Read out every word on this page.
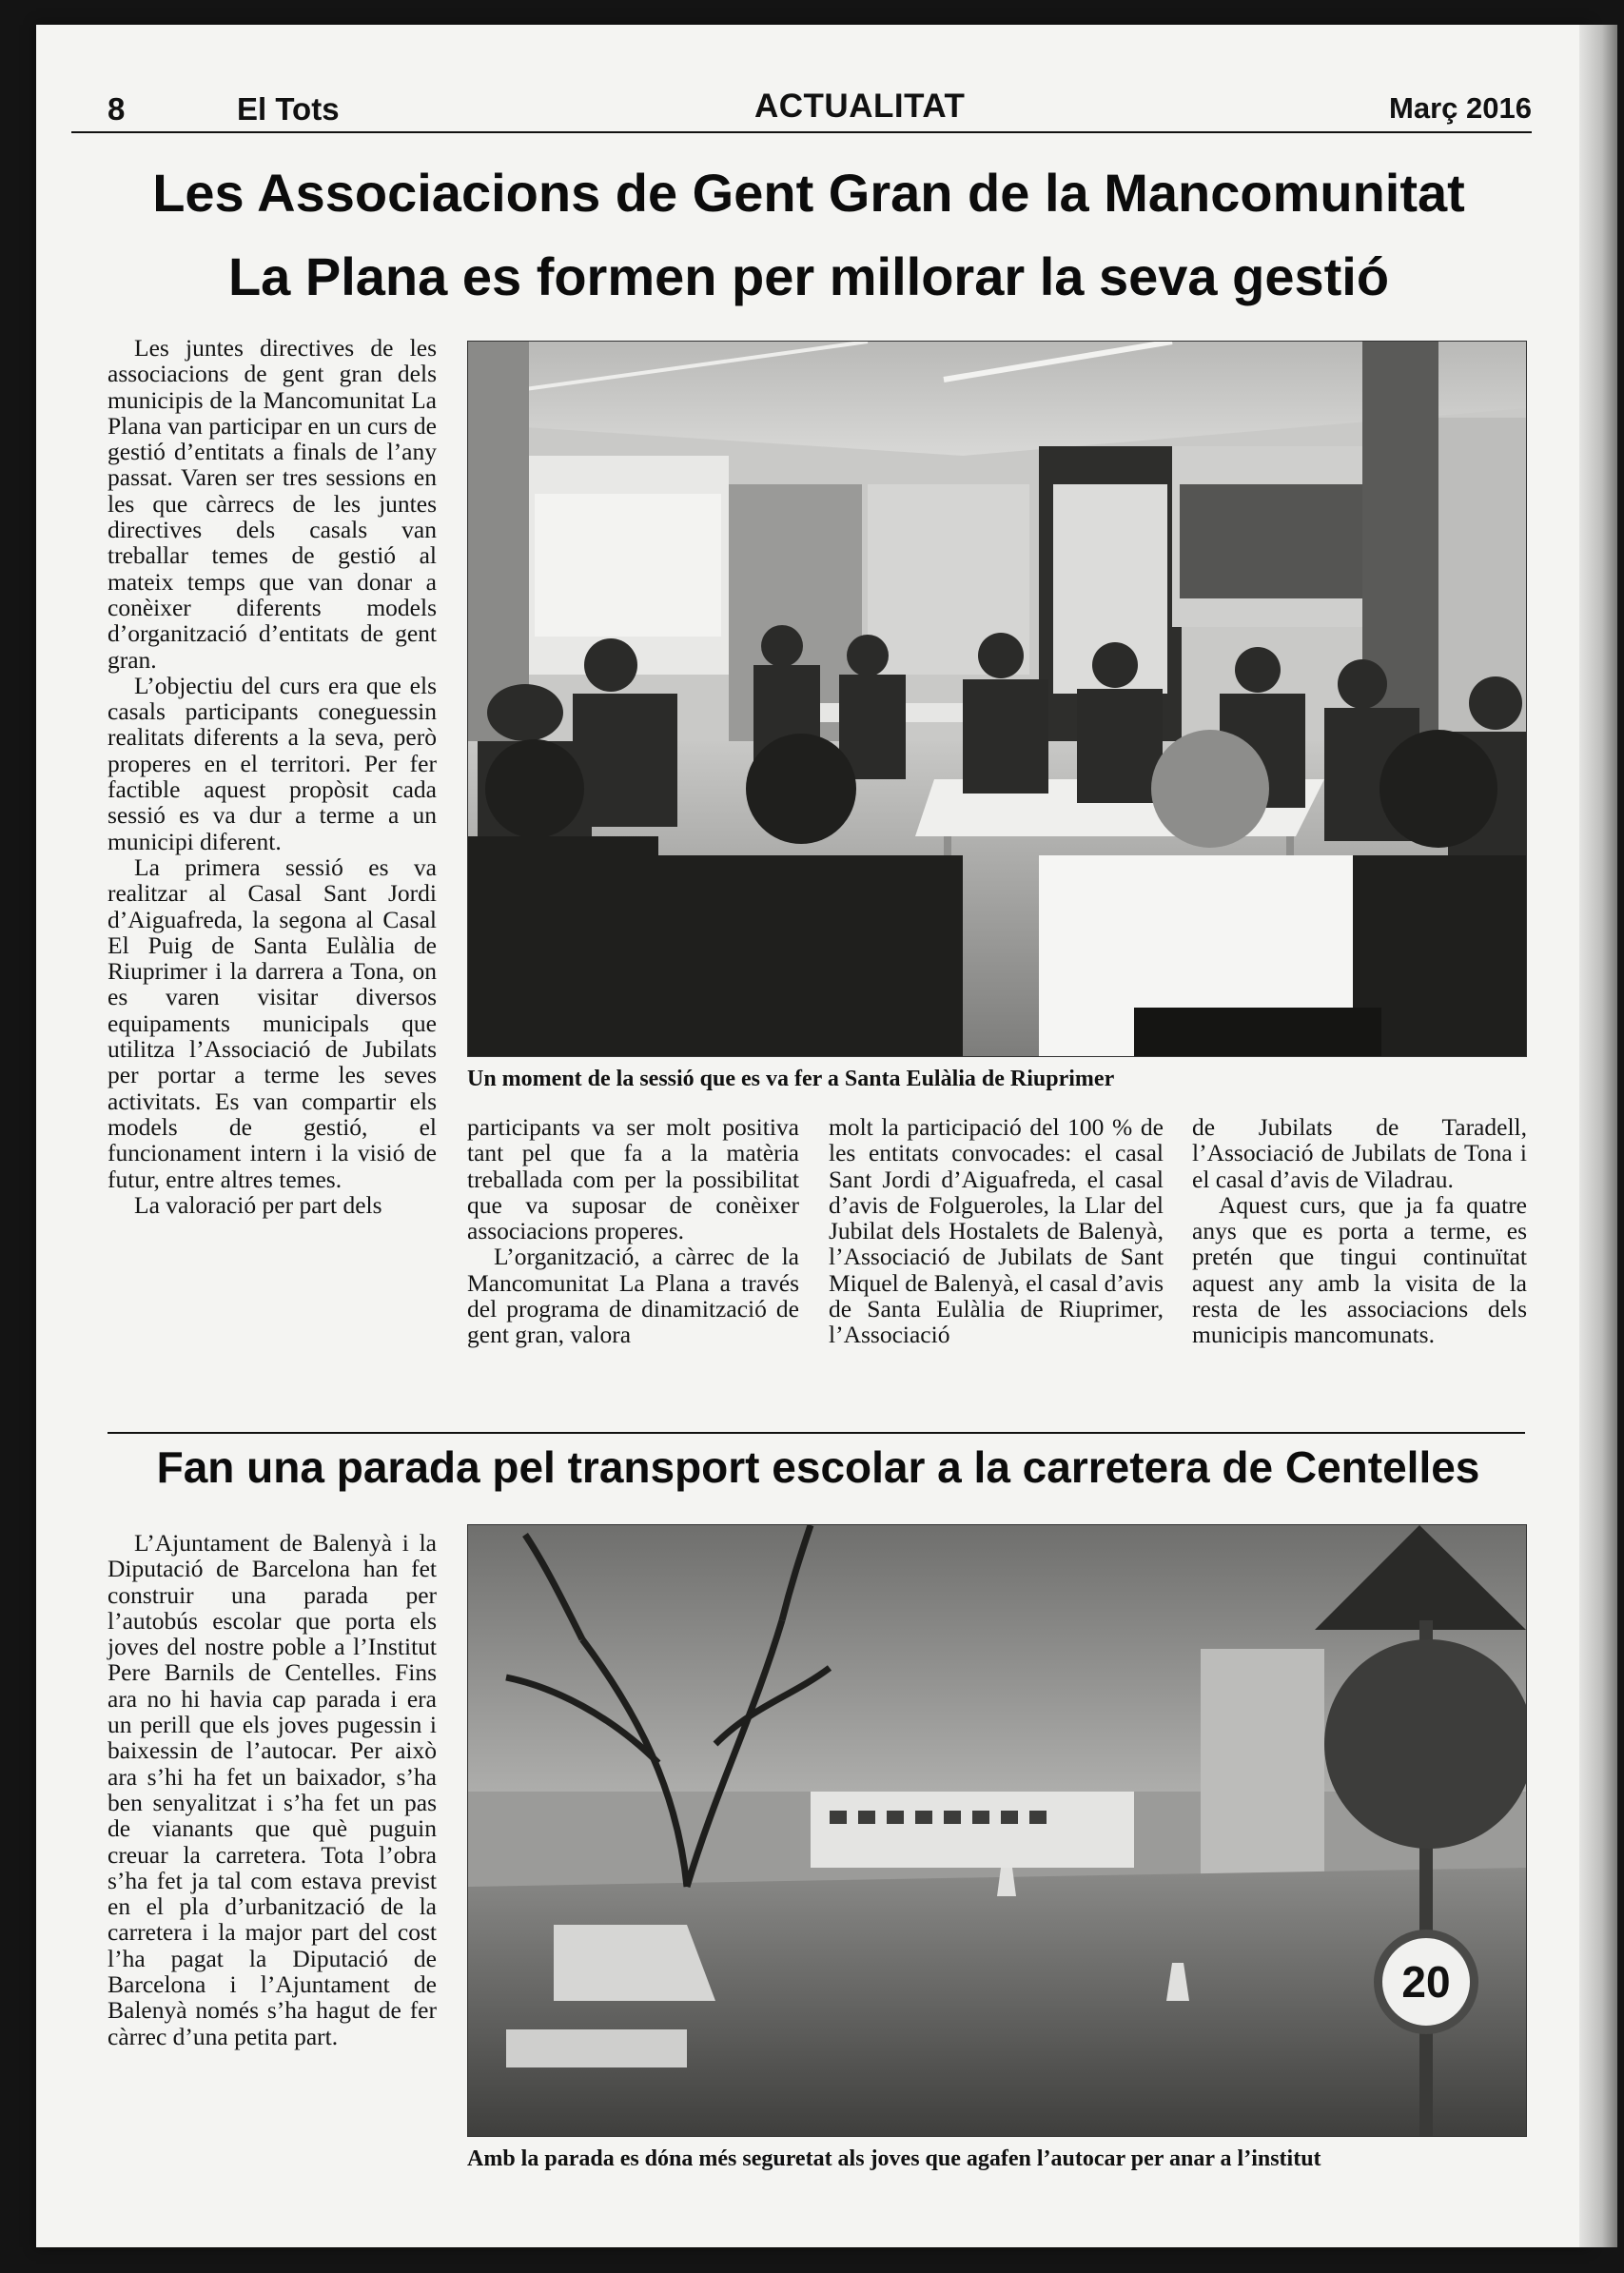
8	El Tots	ACTUALITAT	Març 2016
Les Associacions de Gent Gran de la Mancomunitat
La Plana es formen per millorar la seva gestió

Les juntes directives de les associacions de gent gran dels municipis de la Mancomunitat La Plana van participar en un curs de gestió d’entitats a finals de l’any passat. Varen ser tres sessions en les que càrrecs de les juntes directives dels casals van treballar temes de gestió al mateix temps que van donar a conèixer diferents models d’organització d’entitats de gent gran.

L’objectiu del curs era que els casals participants coneguessin realitats diferents a la seva, però properes en el territori. Per fer factible aquest propòsit cada sessió es va dur a terme a un municipi diferent.

La primera sessió es va realitzar al Casal Sant Jordi d’Aiguafreda, la segona al Casal El Puig de Santa Eulàlia de Riuprimer i la darrera a Tona, on es varen visitar diversos equipaments municipals que utilitza l’Associació de Jubilats per portar a terme les seves activitats. Es van compartir els models de gestió, el funcionament intern i la visió de futur, entre altres temes.

La valoració per part dels

Un moment de la sessió que es va fer a Santa Eulàlia de Riuprimer

participants va ser molt positiva tant pel que fa a la matèria treballada com per la possibilitat que va suposar de conèixer associacions properes.

L’organització, a càrrec de la Mancomunitat La Plana a través del programa de dinamització de gent gran, valora

molt la participació del 100 % de les entitats convocades: el casal Sant Jordi d’Aiguafreda, el casal d’avis de Folgueroles, la Llar del Jubilat dels Hostalets de Balenyà, l’Associació de Jubilats de Sant Miquel de Balenyà, el casal d’avis de Santa Eulàlia de Riuprimer, l’Associació

de Jubilats de Taradell, l’Associació de Jubilats de Tona i el casal d’avis de Viladrau.

Aquest curs, que ja fa quatre anys que es porta a terme, es pretén que tingui continuïtat aquest any amb la visita de la resta de les associacions dels municipis mancomunats.

Fan una parada pel transport escolar a la carretera de Centelles

L’Ajuntament de Balenyà i la Diputació de Barcelona han fet construir una parada per l’autobús escolar que porta els joves del nostre poble a l’Institut Pere Barnils de Centelles. Fins ara no hi havia cap parada i era un perill que els joves pugessin i baixessin de l’autocar. Per això ara s’hi ha fet un baixador, s’ha ben senyalitzat i s’ha fet un pas de vianants que què puguin creuar la carretera. Tota l’obra s’ha fet ja tal com estava previst en el pla d’urbanització de la carretera i la major part del cost l’ha pagat la Diputació de Barcelona i l’Ajuntament de Balenyà només s’ha hagut de fer càrrec d’una petita part.

20
Amb la parada es dóna més seguretat als joves que agafen l’autocar per anar a l’institut
